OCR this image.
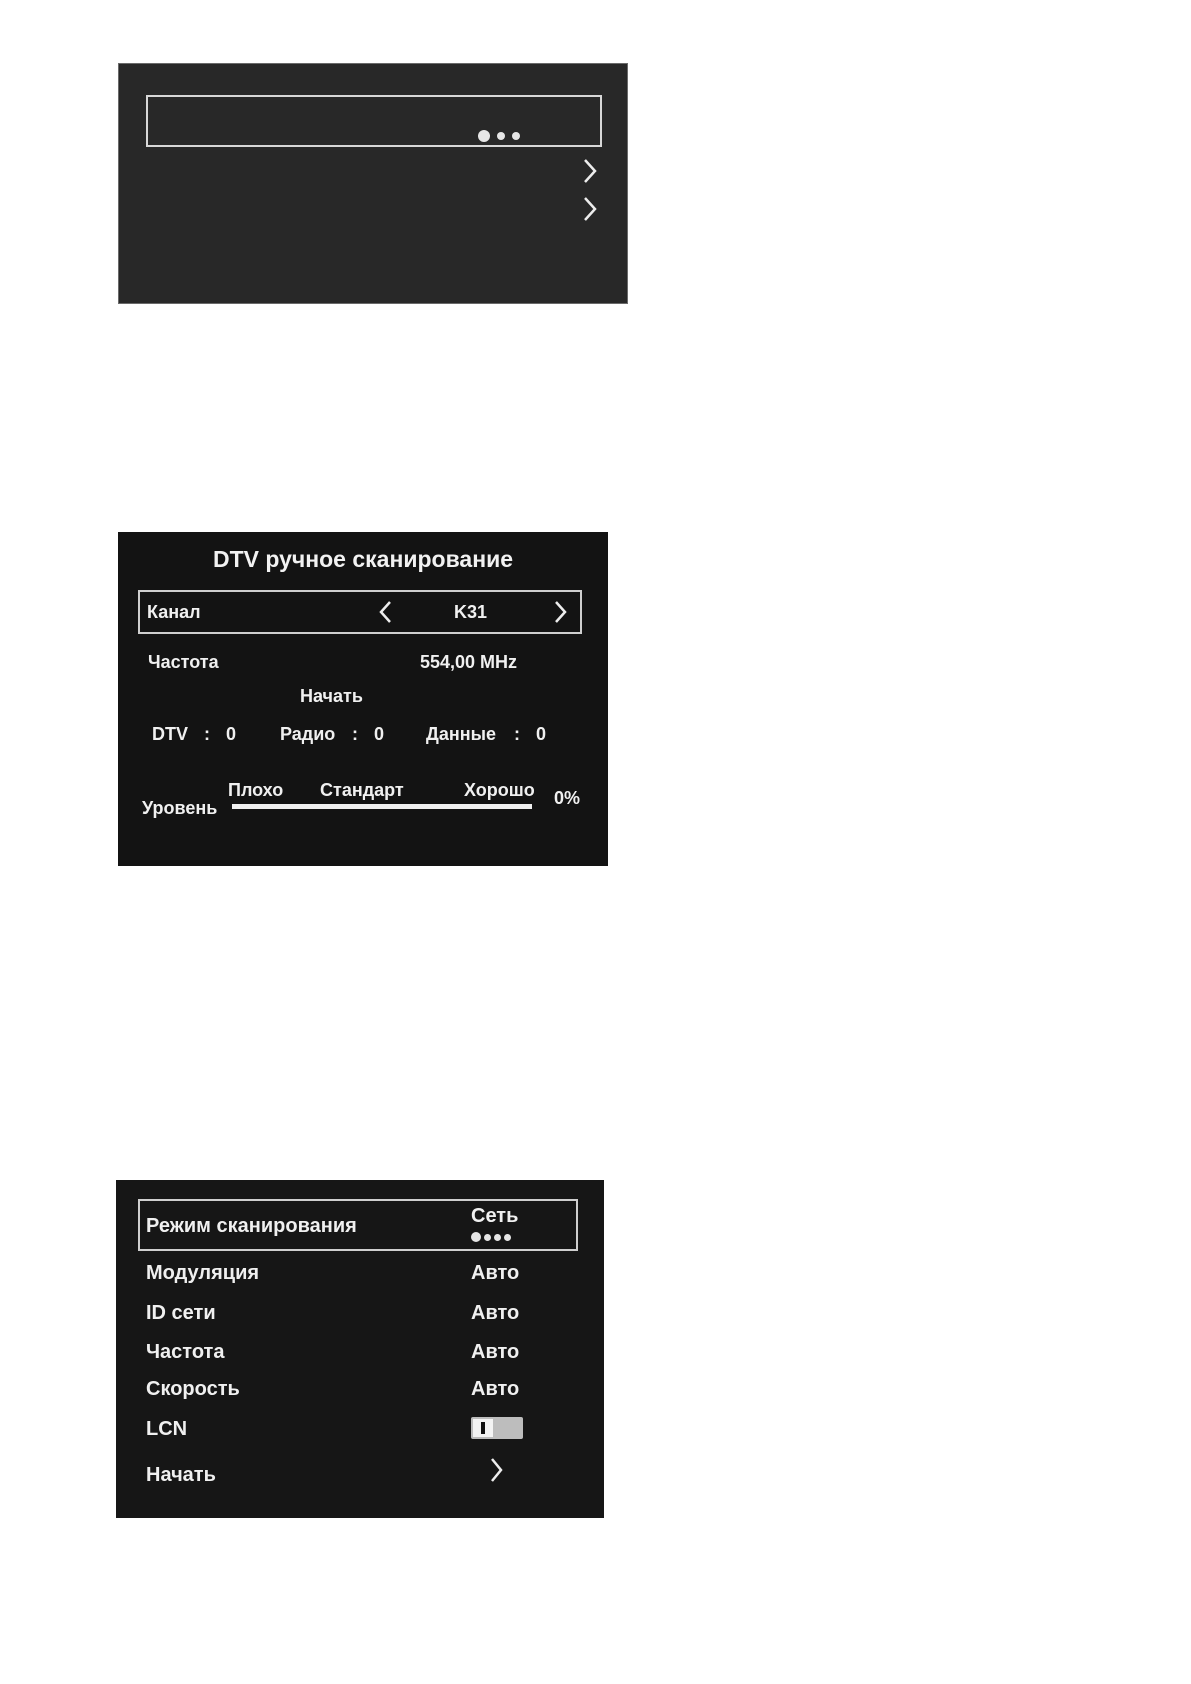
DTV ручное сканирование
Канал	K31
Частота	554,00 MHz
Начать
DTV : 0 Радио : 0 Данные : 0
Плохо Стандарт	Хорошо
Уровень	0%
Режим сканирования	Сеть
Модуляция	Авто
ID сети	Авто
Частота	Авто
Скорость	Авто
LCN
Начать
